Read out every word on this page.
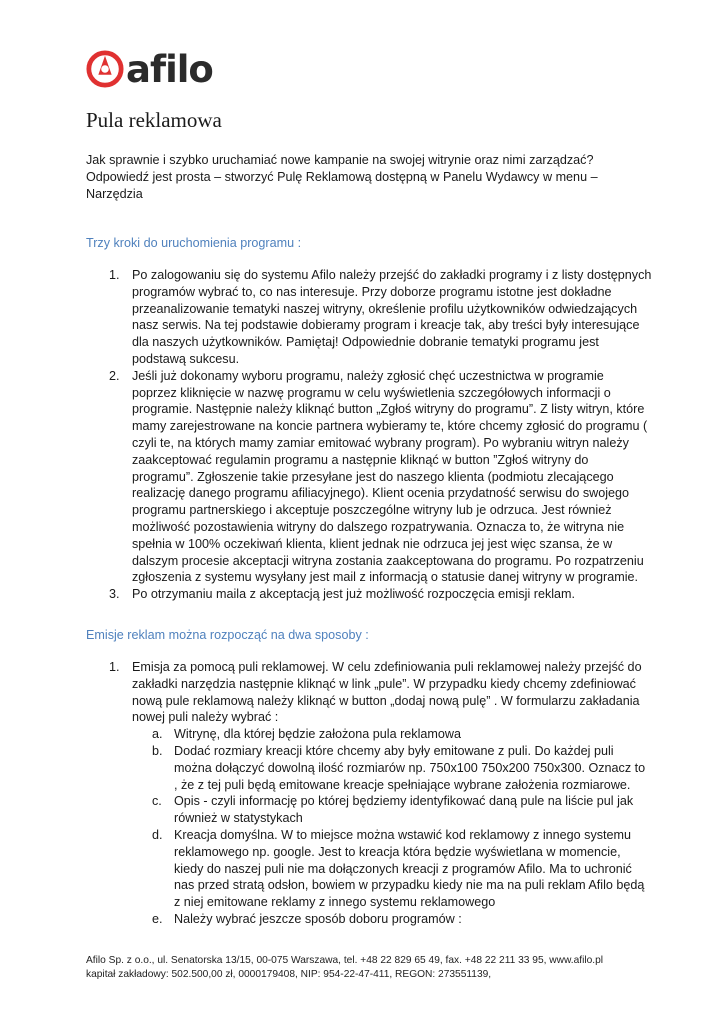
afilo
Pula reklamowa

Jak sprawnie i szybko uruchamiać nowe kampanie na swojej witrynie oraz nimi zarządzać? Odpowiedź jest prosta – stworzyć Pulę Reklamową dostępną w Panelu Wydawcy w menu – Narzędzia

Trzy kroki do uruchomienia programu :
1. Po zalogowaniu się do systemu Afilo należy przejść do zakładki programy i z listy dostępnych programów wybrać to, co nas interesuje. Przy doborze programu istotne jest dokładne przeanalizowanie tematyki naszej witryny, określenie profilu użytkowników odwiedzających nasz serwis. Na tej podstawie dobieramy program i kreacje tak, aby treści były interesujące dla naszych użytkowników. Pamiętaj! Odpowiednie dobranie tematyki programu jest podstawą sukcesu.
2. Jeśli już dokonamy wyboru programu, należy zgłosić chęć uczestnictwa w programie poprzez kliknięcie w nazwę programu w celu wyświetlenia szczegółowych informacji o programie. Następnie należy kliknąć button „Zgłoś witryny do programu”. Z listy witryn, które mamy zarejestrowane na koncie partnera wybieramy te, które chcemy zgłosić do programu ( czyli te, na których mamy zamiar emitować wybrany program). Po wybraniu witryn należy zaakceptować regulamin programu a następnie kliknąć w button ”Zgłoś witryny do programu”. Zgłoszenie takie przesyłane jest do naszego klienta (podmiotu zlecającego realizację danego programu afiliacyjnego). Klient ocenia przydatność serwisu do swojego programu partnerskiego i akceptuje poszczególne witryny lub je odrzuca. Jest również możliwość pozostawienia witryny do dalszego rozpatrywania. Oznacza to, że witryna nie spełnia w 100% oczekiwań klienta, klient jednak nie odrzuca jej jest więc szansa, że w dalszym procesie akceptacji witryna zostania zaakceptowana do programu. Po rozpatrzeniu zgłoszenia z systemu wysyłany jest mail z informacją o statusie danej witryny w programie.
3. Po otrzymaniu maila z akceptacją jest już możliwość rozpoczęcia emisji reklam.
Emisje reklam można rozpocząć na dwa sposoby :
1. Emisja za pomocą puli reklamowej. W celu zdefiniowania puli reklamowej należy przejść do zakładki narzędzia następnie kliknąć w link „pule”. W przypadku kiedy chcemy zdefiniować nową pule reklamową należy kliknąć w button „dodaj nową pulę” . W formularzu zakładania nowej puli należy wybrać :
a. Witrynę, dla której będzie założona pula reklamowa
b. Dodać rozmiary kreacji które chcemy aby były emitowane z puli. Do każdej puli można dołączyć dowolną ilość rozmiarów np. 750x100 750x200 750x300. Oznacz to , że z tej puli będą emitowane kreacje spełniające wybrane założenia rozmiarowe.
c. Opis - czyli informację po której będziemy identyfikować daną pule na liście pul jak również w statystykach
d. Kreacja domyślna. W to miejsce można wstawić kod reklamowy z innego systemu reklamowego np. google. Jest to kreacja która będzie wyświetlana w momencie, kiedy do naszej puli nie ma dołączonych kreacji z programów Afilo. Ma to uchronić nas przed stratą odsłon, bowiem w przypadku kiedy nie ma na puli reklam Afilo będą z niej emitowane reklamy z innego systemu reklamowego
e. Należy wybrać jeszcze sposób doboru programów :
Afilo Sp. z o.o., ul. Senatorska 13/15, 00-075 Warszawa, tel. +48 22 829 65 49, fax. +48 22 211 33 95, www.afilo.pl
kapitał zakładowy: 502.500,00 zł, 0000179408, NIP: 954-22-47-411, REGON: 273551139,
